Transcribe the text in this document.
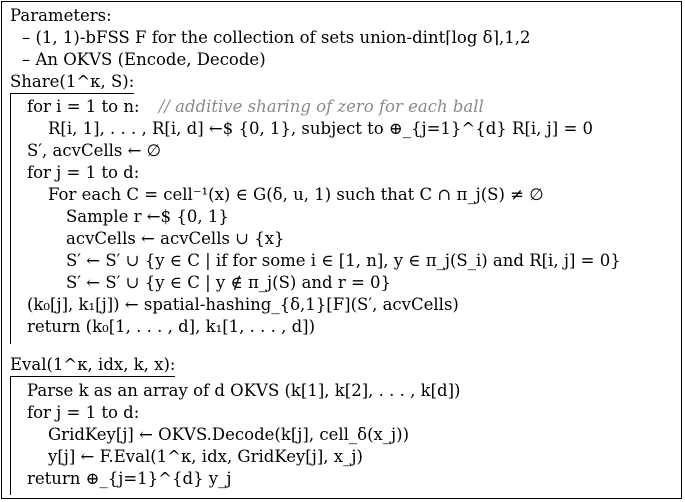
Parameters:
– (1, 1)-bFSS F for the collection of sets union-dint⌈log δ⌉,1,2
– An OKVS (Encode, Decode)
Share(1^κ, S):
for i = 1 to n: // additive sharing of zero for each ball
R[i, 1], . . . , R[i, d] ←$ {0, 1}, subject to ⊕_{j=1}^{d} R[i, j] = 0
S′, acvCells ← ∅
for j = 1 to d:
For each C = cell⁻¹(x) ∈ G(δ, u, 1) such that C ∩ π_j(S) ≠ ∅
Sample r ←$ {0, 1}
acvCells ← acvCells ∪ {x}
S′ ← S′ ∪ {y ∈ C | if for some i ∈ [1, n], y ∈ π_j(S_i) and R[i, j] = 0}
S′ ← S′ ∪ {y ∈ C | y ∉ π_j(S) and r = 0}
(k₀[j], k₁[j]) ← spatial-hashing_{δ,1}[F](S′, acvCells)
return (k₀[1, . . . , d], k₁[1, . . . , d])
Eval(1^κ, idx, k, x):
Parse k as an array of d OKVS (k[1], k[2], . . . , k[d])
for j = 1 to d:
GridKey[j] ← OKVS.Decode(k[j], cell_δ(x_j))
y[j] ← F.Eval(1^κ, idx, GridKey[j], x_j)
return ⊕_{j=1}^{d} y_j
